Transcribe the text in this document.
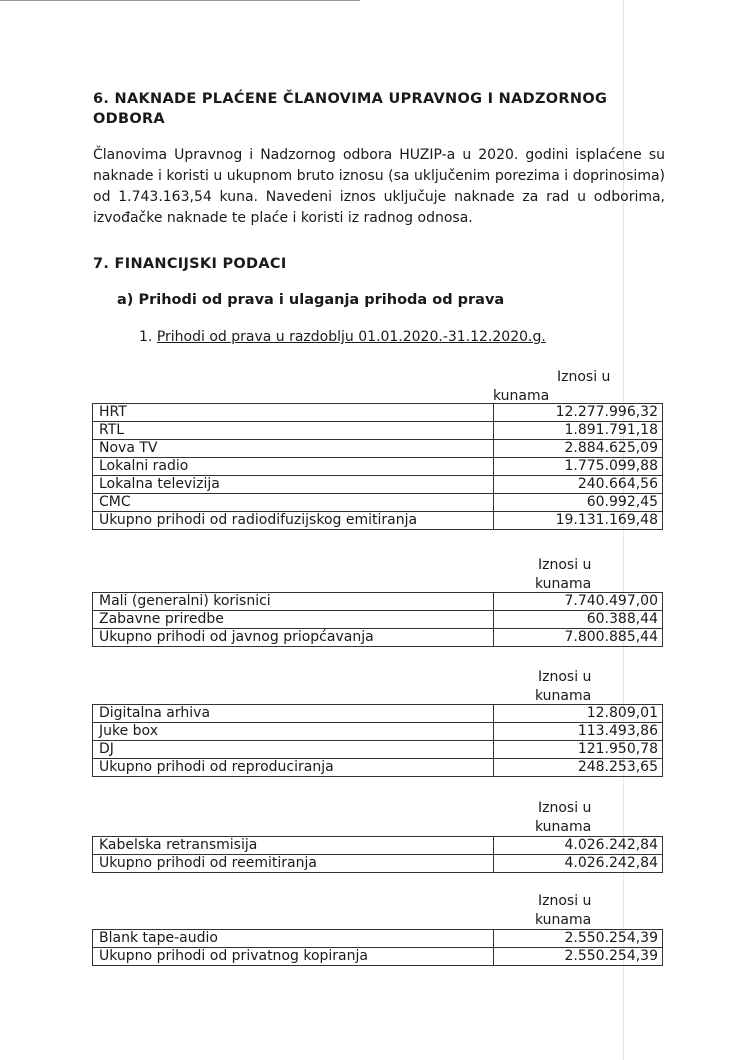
6. NAKNADE PLAĆENE ČLANOVIMA UPRAVNOG I NADZORNOG ODBORA
Članovima Upravnog i Nadzornog odbora HUZIP-a u 2020. godini isplaćene su naknade i koristi u ukupnom bruto iznosu (sa uključenim porezima i doprinosima) od 1.743.163,54 kuna. Navedeni iznos uključuje naknade za rad u odborima, izvođačke naknade te plaće i koristi iz radnog odnosa.
7. FINANCIJSKI PODACI
a) Prihodi od prava i ulaganja prihoda od prava
1. Prihodi od prava u razdoblju 01.01.2020.-31.12.2020.g.
Iznosi u
kunama
HRT	12.277.996,32
RTL	1.891.791,18
Nova TV	2.884.625,09
Lokalni radio	1.775.099,88
Lokalna televizija	240.664,56
CMC	60.992,45
Ukupno prihodi od radiodifuzijskog emitiranja	19.131.169,48
Iznosi u
kunama
Mali (generalni) korisnici	7.740.497,00
Zabavne priredbe	60.388,44
Ukupno prihodi od javnog priopćavanja	7.800.885,44
Iznosi u
kunama
Digitalna arhiva	12.809,01
Juke box	113.493,86
DJ	121.950,78
Ukupno prihodi od reproduciranja	248.253,65
Iznosi u
kunama
Kabelska retransmisija	4.026.242,84
Ukupno prihodi od reemitiranja	4.026.242,84
Iznosi u
kunama
Blank tape-audio	2.550.254,39
Ukupno prihodi od privatnog kopiranja	2.550.254,39
